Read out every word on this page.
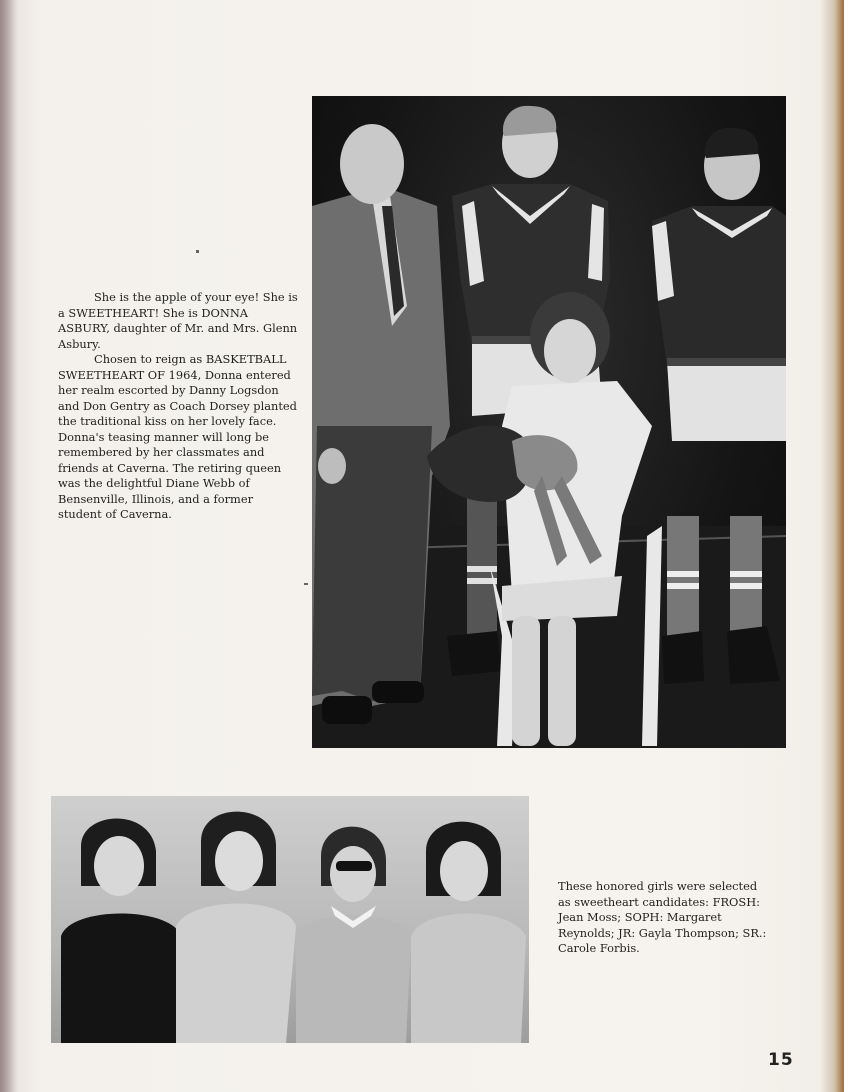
She is the apple of your eye! She is a SWEETHEART! She is DONNA ASBURY, daughter of Mr. and Mrs. Glenn Asbury.

Chosen to reign as BASKETBALL SWEETHEART OF 1964, Donna entered her realm escorted by Danny Logsdon and Don Gentry as Coach Dorsey planted the traditional kiss on her lovely face. Donna's teasing manner will long be remembered by her classmates and friends at Caverna. The retiring queen was the delightful Diane Webb of Bensenville, Illinois, and a former student of Caverna.

These honored girls were selected as sweetheart candidates: FROSH: Jean Moss; SOPH: Margaret Reynolds; JR: Gayla Thompson; SR.: Carole Forbis.

15
